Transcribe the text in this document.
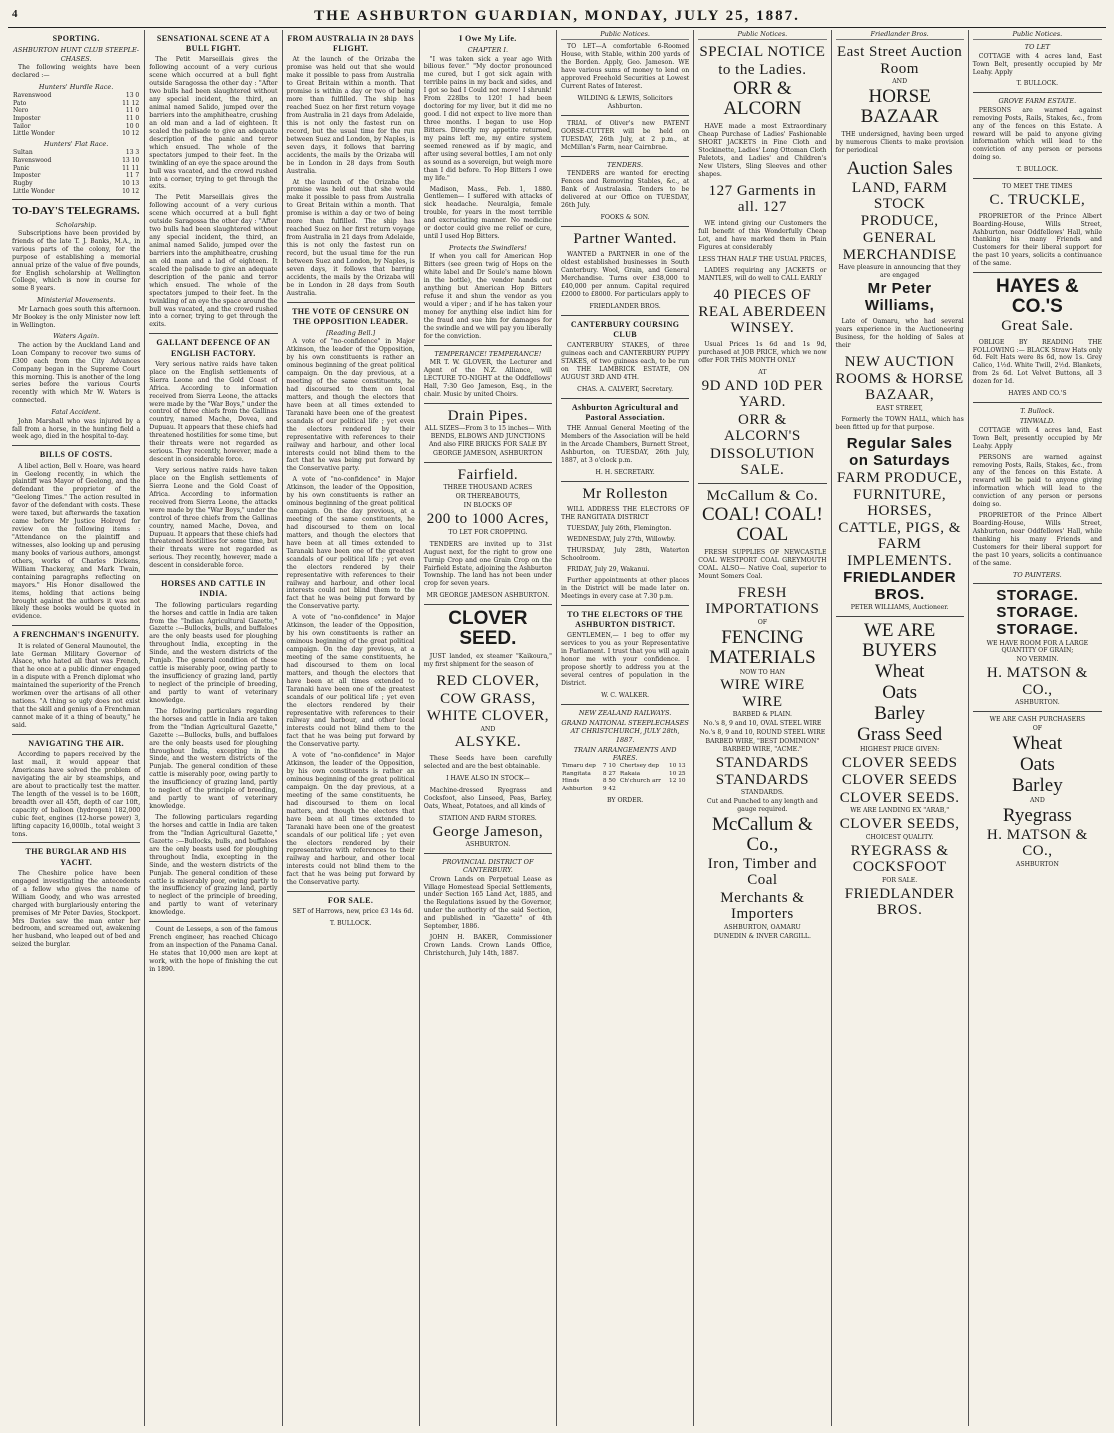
4	THE ASHBURTON GUARDIAN, MONDAY, JULY 25, 1887.
SPORTING.
ASHBURTON HUNT CLUB STEEPLE-CHASES.

The following weights have been declared :—

Hunters' Hurdle Race.
Ravenswood	13 0
Pato	11 12
Nero	11 0
Imposter	11 0
Tailor	10 0
Little Wonder	10 12
Hunters' Flat Race.
Sultan	13 3
Ravenswood	13 10
Panic	11 11
Imposter	11 7
Rugby	10 13
Little Wonder	10 12
TO-DAY'S TELEGRAMS.
Scholarship.

Subscriptions have been provided by friends of the late T. J. Banks, M.A., in various parts of the colony, for the purpose of establishing a memorial annual prize of the value of five pounds, for English scholarship at Wellington College, which is now in course for some 8 years.

Ministerial Movements.

Mr Larnach goes south this afternoon. Mr Bookey is the only Minister now left in Wellington.

Waters Again.

The action by the Auckland Land and Loan Company to recover two sums of £300 each from the City Advances Company began in the Supreme Court this morning. This is another of the long series before the various Courts recently with which Mr W. Waters is connected.

Fatal Accident.

John Marshall who was injured by a fall from a horse, in the hunting field a week ago, died in the hospital to-day.

BILLS OF COSTS.

A libel action, Bell v. Hoare, was heard in Geelong recently, in which the plaintiff was Mayor of Geelong, and the defendant the proprietor of the "Geelong Times." The action resulted in favor of the defendant with costs. These were taxed, but afterwards the taxation came before Mr Justice Holroyd for review on the following items : "Attendance on the plaintiff and witnesses, also looking up and perusing many books of various authors, amongst others, works of Charles Dickens, William Thackeray, and Mark Twain, containing paragraphs reflecting on mayors." His Honor disallowed the items, holding that actions being brought against the authors it was not likely these books would be quoted in evidence.

A FRENCHMAN'S INGENUITY.

It is related of General Maunoutel, the late German Military Governor of Alsace, who hated all that was French, that he once at a public dinner engaged in a dispute with a French diplomat who maintained the superiority of the French workmen over the artisans of all other nations. "A thing so ugly does not exist that the skill and genius of a Frenchman cannot make of it a thing of beauty," he said.

NAVIGATING THE AIR.

According to papers received by the last mail, it would appear that Americans have solved the problem of navigating the air by steamships, and are about to practically test the matter. The length of the vessel is to be 160ft, breadth over all 45ft, depth of car 10ft, capacity of balloon (hydrogen) 182,000 cubic feet, engines (12-horse power) 3, lifting capacity 16,000lb., total weight 3 tons.

THE BURGLAR AND HIS YACHT.

The Cheshire police have been engaged investigating the antecedents of a fellow who gives the name of William Goody, and who was arrested charged with burglariously entering the premises of Mr Peter Davies, Stockport. Mrs Davies saw the man enter her bedroom, and screamed out, awakening her husband, who leaped out of bed and seized the burglar.

SENSATIONAL SCENE AT A BULL FIGHT.

The Petit Marseillais gives the following account of a very curious scene which occurred at a bull fight outside Saragossa the other day : "After two bulls had been slaughtered without any special incident, the third, an animal named Salido, jumped over the barriers into the amphitheatre, crushing an old man and a lad of eighteen. It scaled the palisade to give an adequate description of the panic and terror which ensued. The whole of the spectators jumped to their feet. In the twinkling of an eye the space around the bull was vacated, and the crowd rushed into a corner, trying to get through the exits.

The Petit Marseillais gives the following account of a very curious scene which occurred at a bull fight outside Saragossa the other day : "After two bulls had been slaughtered without any special incident, the third, an animal named Salido, jumped over the barriers into the amphitheatre, crushing an old man and a lad of eighteen. It scaled the palisade to give an adequate description of the panic and terror which ensued. The whole of the spectators jumped to their feet. In the twinkling of an eye the space around the bull was vacated, and the crowd rushed into a corner, trying to get through the exits.

GALLANT DEFENCE OF AN ENGLISH FACTORY.

Very serious native raids have taken place on the English settlements of Sierra Leone and the Gold Coast of Africa. According to information received from Sierra Leone, the attacks were made by the "War Boys," under the control of three chiefs from the Gallinas country, named Mache, Dovea, and Dupuau. It appears that these chiefs had threatened hostilities for some time, but their threats were not regarded as serious. They recently, however, made a descent in considerable force.

Very serious native raids have taken place on the English settlements of Sierra Leone and the Gold Coast of Africa. According to information received from Sierra Leone, the attacks were made by the "War Boys," under the control of three chiefs from the Gallinas country, named Mache, Dovea, and Dupuau. It appears that these chiefs had threatened hostilities for some time, but their threats were not regarded as serious. They recently, however, made a descent in considerable force.

HORSES AND CATTLE IN INDIA.

The following particulars regarding the horses and cattle in India are taken from the "Indian Agricultural Gazette," Gazette :—Bullocks, bulls, and buffaloes are the only beasts used for ploughing throughout India, excepting in the Sinde, and the western districts of the Punjab. The general condition of these cattle is miserably poor, owing partly to the insufficiency of grazing land, partly to neglect of the principle of breeding, and partly to want of veterinary knowledge.

The following particulars regarding the horses and cattle in India are taken from the "Indian Agricultural Gazette," Gazette :—Bullocks, bulls, and buffaloes are the only beasts used for ploughing throughout India, excepting in the Sinde, and the western districts of the Punjab. The general condition of these cattle is miserably poor, owing partly to the insufficiency of grazing land, partly to neglect of the principle of breeding, and partly to want of veterinary knowledge.

The following particulars regarding the horses and cattle in India are taken from the "Indian Agricultural Gazette," Gazette :—Bullocks, bulls, and buffaloes are the only beasts used for ploughing throughout India, excepting in the Sinde, and the western districts of the Punjab. The general condition of these cattle is miserably poor, owing partly to the insufficiency of grazing land, partly to neglect of the principle of breeding, and partly to want of veterinary knowledge.

Count de Lesseps, a son of the famous French engineer, has reached Chicago from an inspection of the Panama Canal. He states that 10,000 men are kept at work, with the hope of finishing the cut in 1890.

FROM AUSTRALIA IN 28 DAYS FLIGHT.

At the launch of the Orizaba the promise was held out that she would make it possible to pass from Australia to Great Britain within a month. That promise is within a day or two of being more than fulfilled. The ship has reached Suez on her first return voyage from Australia in 21 days from Adelaide, this is not only the fastest run on record, but the usual time for the run between Suez and London, by Naples, is seven days, it follows that barring accidents, the mails by the Orizaba will be in London in 28 days from South Australia.

At the launch of the Orizaba the promise was held out that she would make it possible to pass from Australia to Great Britain within a month. That promise is within a day or two of being more than fulfilled. The ship has reached Suez on her first return voyage from Australia in 21 days from Adelaide, this is not only the fastest run on record, but the usual time for the run between Suez and London, by Naples, is seven days, it follows that barring accidents, the mails by the Orizaba will be in London in 28 days from South Australia.

THE VOTE OF CENSURE ON THE OPPOSITION LEADER.
[Reading Bell.]

A vote of "no-confidence" in Major Atkinson, the leader of the Opposition, by his own constituents is rather an ominous beginning of the great political campaign. On the day previous, at a meeting of the same constituents, he had discoursed to them on local matters, and though the electors that have been at all times extended to Taranaki have been one of the greatest scandals of our political life ; yet even the electors rendered by their representative with references to their railway and harbour, and other local interests could not blind them to the fact that he was being put forward by the Conservative party.

A vote of "no-confidence" in Major Atkinson, the leader of the Opposition, by his own constituents is rather an ominous beginning of the great political campaign. On the day previous, at a meeting of the same constituents, he had discoursed to them on local matters, and though the electors that have been at all times extended to Taranaki have been one of the greatest scandals of our political life ; yet even the electors rendered by their representative with references to their railway and harbour, and other local interests could not blind them to the fact that he was being put forward by the Conservative party.

A vote of "no-confidence" in Major Atkinson, the leader of the Opposition, by his own constituents is rather an ominous beginning of the great political campaign. On the day previous, at a meeting of the same constituents, he had discoursed to them on local matters, and though the electors that have been at all times extended to Taranaki have been one of the greatest scandals of our political life ; yet even the electors rendered by their representative with references to their railway and harbour, and other local interests could not blind them to the fact that he was being put forward by the Conservative party.

A vote of "no-confidence" in Major Atkinson, the leader of the Opposition, by his own constituents is rather an ominous beginning of the great political campaign. On the day previous, at a meeting of the same constituents, he had discoursed to them on local matters, and though the electors that have been at all times extended to Taranaki have been one of the greatest scandals of our political life ; yet even the electors rendered by their representative with references to their railway and harbour, and other local interests could not blind them to the fact that he was being put forward by the Conservative party.

FOR SALE.

SET of Harrows, new, price £3 14s 6d.

T. BULLOCK.
I Owe My Life.
CHAPTER I.

"I was taken sick a year ago With bilious fever." "My doctor pronounced me cured, but I got sick again with terrible pains in my back and sides, and I got so bad I Could not move! I shrunk! From 228lbs to 120! I had been doctoring for my liver, but it did me no good. I did not expect to live more than three months. I began to use Hop Bitters. Directly my appetite returned, my pains left me, my entire system seemed renewed as if by magic, and after using several bottles, I am not only as sound as a sovereign, but weigh more than I did before. To Hop Bitters I owe my life."

Madison, Mass., Feb. 1, 1880. Gentlemen— I suffered with attacks of sick headache. Neuralgia, female trouble, for years in the most terrible and excruciating manner. No medicine or doctor could give me relief or cure, until I used Hop Bitters.

Protects the Swindlers!

If when you call for American Hop Bitters (see green twig of Hops on the white label and Dr Soule's name blown in the bottle), the vendor hands out anything but American Hop Bitters refuse it and shun the vendor as you would a viper ; and if he has taken your money for anything else indict him for the fraud and sue him for damages for the swindle and we will pay you liberally for the conviction.

TEMPERANCE! TEMPERANCE!

MR T. W. GLOVER, the Lecturer and Agent of the N.Z. Alliance, will LECTURE TO-NIGHT at the Oddfellows' Hall, 7:30 Geo Jameson, Esq., in the chair. Music by united Choirs.

Drain Pipes.
ALL SIZES—From 3 to 15 inches— With BENDS, ELBOWS AND JUNCTIONS And also FIRE BRICKS FOR SALE BY
GEORGE JAMESON, ASHBURTON
Fairfield.
THREE THOUSAND ACRES
OR THEREABOUTS,
IN BLOCKS OF
200 to 1000 Acres,
TO LET FOR CROPPING.

TENDERS are invited up to 31st August next, for the right to grow one Turnip Crop and one Grain Crop on the Fairfield Estate, adjoining the Ashburton Township. The land has not been under crop for seven years.

MR GEORGE JAMESON ASHBURTON.
CLOVER SEED.

JUST landed, ex steamer "Kaikoura," my first shipment for the season of

RED CLOVER,
COW GRASS,
WHITE CLOVER,
AND
ALSYKE.

These Seeds have been carefully selected and are the best obtainable.

I HAVE ALSO IN STOCK—

Machine-dressed Ryegrass and Cocksfoot, also Linseed, Peas, Barley, Oats, Wheat, Potatoes, and all kinds of

STATION AND FARM STORES.
George Jameson,
ASHBURTON.
PROVINCIAL DISTRICT OF CANTERBURY.

Crown Lands on Perpetual Lease as Village Homestead Special Settlements, under Section 165 Land Act, 1885, and the Regulations issued by the Governor, under the authority of the said Section, and published in "Gazette" of 4th September, 1886.

JOHN H. BAKER, Commissioner Crown Lands. Crown Lands Office, Christchurch, July 14th, 1887.

Public Notices.

TO LET—A comfortable 6-Roomed House, with Stable, within 200 yards of the Borden. Apply, Geo. Jameson. WE have various sums of money to lend on approved Freehold Securities at Lowest Current Rates of Interest.

WILDING & LEWIS, Solicitors Ashburton.

TRIAL of Oliver's new PATENT GORSE-CUTTER will be held on TUESDAY, 26th July, at 2 p.m., at McMillan's Farm, near Cairnbrae.

TENDERS.

TENDERS are wanted for erecting Fences and Removing Stables, &c., at Bank of Australasia. Tenders to be delivered at our Office on TUESDAY, 26th July.

FOOKS & SON.
Partner Wanted.

WANTED a PARTNER in one of the oldest established businesses in South Canterbury. Wool, Grain, and General Merchandise. Turns over £38,000 to £40,000 per annum. Capital required £2000 to £8000. For particulars apply to

FRIEDLANDER BROS.
CANTERBURY COURSING CLUB

CANTERBURY STAKES, of three guineas each and CANTERBURY PUPPY STAKES, of two guineas each, to be run on THE LAMBRICK ESTATE, ON AUGUST 3RD AND 4TH.

CHAS. A. CALVERT, Secretary.
Ashburton Agricultural and Pastoral Association.

THE Annual General Meeting of the Members of the Association will be held in the Arcade Chambers, Burnett Street, Ashburton, on TUESDAY, 26th July, 1887, at 3 o'clock p.m.

H. H. SECRETARY.
Mr Rolleston

WILL ADDRESS THE ELECTORS OF THE RANGITATA DISTRICT

TUESDAY, July 26th, Flemington.

WEDNESDAY, July 27th, Willowby.

THURSDAY, July 28th, Waterton Schoolroom.

FRIDAY, July 29, Wakanui.

Further appointments at other places in the District will be made later on. Meetings in every case at 7.30 p.m.

TO THE ELECTORS OF THE ASHBURTON DISTRICT.

GENTLEMEN,— I beg to offer my services to you as your Representative in Parliament. I trust that you will again honor me with your confidence. I propose shortly to address you at the several centres of population in the District.

W. C. WALKER.
NEW ZEALAND RAILWAYS.
GRAND NATIONAL STEEPLECHASES AT CHRISTCHURCH, JULY 28th, 1887.
TRAIN ARRANGEMENTS AND FARES.
Timaru dep	7 10	Chertsey dep	10 13
Rangitata	8 27	Rakaia	10 25
Hinds	8 50	Ch'church arr	12 10
Ashburton	9 42		
BY ORDER.
Public Notices.
SPECIAL NOTICE
to the Ladies.
ORR & ALCORN

HAVE made a most Extraordinary Cheap Purchase of Ladies' Fashionable SHORT JACKETS in Fine Cloth and Stockinette, Ladies' Long Ottoman Cloth Paletots, and Ladies' and Children's New Ulsters, Sling Sleeves and other shapes.

127 Garments in all. 127

WE intend giving our Customers the full benefit of this Wonderfully Cheap Lot, and have marked them in Plain Figures at considerably

LESS THAN HALF THE USUAL PRICES,

LADIES requiring any JACKETS or MANTLES, will do well to CALL EARLY

40 PIECES OF REAL ABERDEEN WINSEY.

Usual Prices 1s 6d and 1s 9d, purchased at JOB PRICE, which we now offer FOR THIS MONTH ONLY

AT
9D AND 10D PER YARD.
ORR & ALCORN'S
DISSOLUTION SALE.
McCallum & Co.
COAL! COAL! COAL

FRESH SUPPLIES OF NEWCASTLE COAL WESTPORT COAL GREYMOUTH COAL. ALSO— Native Coal, superior to Mount Somers Coal.

FRESH IMPORTATIONS
OF
FENCING MATERIALS
NOW TO HAN
WIRE WIRE WIRE
BARBED & PLAIN.
No.'s 8, 9 and 10, OVAL STEEL WIRE
No.'s 8, 9 and 10, ROUND STEEL WIRE
BARBED WIRE, "BEST DOMINION" BARBED WIRE, "ACME."
STANDARDS STANDARDS
STANDARDS.
Cut and Punched to any length and gauge required.
McCallum & Co.,
Iron, Timber and Coal
Merchants & Importers
ASHBURTON, OAMARU
DUNEDIN & INVER CARGILL.
Friedlander Bros.
East Street Auction Room
AND
HORSE BAZAAR

THE undersigned, having been urged by numerous Clients to make provision for periodical

Auction Sales
LAND, FARM STOCK PRODUCE,
GENERAL MERCHANDISE
Have pleasure in announcing that they are engaged
Mr Peter Williams,

Late of Oamaru, who had several years experience in the Auctioneering Business, for the holding of Sales at their

NEW AUCTION ROOMS & HORSE BAZAAR,
EAST STREET,

Formerly the TOWN HALL, which has been fitted up for that purpose.

Regular Sales on Saturdays
FARM PRODUCE, FURNITURE, HORSES, CATTLE, PIGS, & FARM IMPLEMENTS.
FRIEDLANDER BROS.
PETER WILLIAMS, Auctioneer.
WE ARE BUYERS
Wheat
Oats
Barley
Grass Seed
HIGHEST PRICE GIVEN:
CLOVER SEEDS
CLOVER SEEDS
CLOVER SEEDS.
WE ARE LANDING EX "ARAB,"
CLOVER SEEDS,
CHOICEST QUALITY.
RYEGRASS & COCKSFOOT
FOR SALE.
FRIEDLANDER BROS.
Public Notices.
TO LET

COTTAGE with 4 acres land, East Town Belt, presently occupied by Mr Leahy. Apply

T. BULLOCK.
GROVE FARM ESTATE.

PERSONS are warned against removing Posts, Rails, Stakes, &c., from any of the fences on this Estate. A reward will be paid to anyone giving information which will lead to the conviction of any person or persons doing so.

T. BULLOCK.
TO MEET THE TIMES
C. TRUCKLE,

PROPRIETOR of the Prince Albert Boarding-House, Wills Street, Ashburton, near Oddfellows' Hall, while thanking his many Friends and Customers for their liberal support for the past 10 years, solicits a continuance of the same.

HAYES & CO.'S
Great Sale.

OBLIGE BY READING THE FOLLOWING :— BLACK Straw Hats only 6d. Felt Hats were 8s 6d, now 1s. Grey Calico, 1½d. White Twill, 2½d. Blankets, from 2s 6d. Lot Velvet Buttons, all 3 dozen for 1d.

HAYES AND CO.'S
T. Bullock.
TINWALD.

COTTAGE with 4 acres land, East Town Belt, presently occupied by Mr Leahy. Apply

PERSONS are warned against removing Posts, Rails, Stakes, &c., from any of the fences on this Estate. A reward will be paid to anyone giving information which will lead to the conviction of any person or persons doing so.

PROPRIETOR of the Prince Albert Boarding-House, Wills Street, Ashburton, near Oddfellows' Hall, while thanking his many Friends and Customers for their liberal support for the past 10 years, solicits a continuance of the same.

TO PAINTERS.
STORAGE. STORAGE.
STORAGE.
WE HAVE ROOM FOR A LARGE QUANTITY OF GRAIN;
NO VERMIN.
H. MATSON & CO.,
ASHBURTON.
WE ARE CASH PURCHASERS
OF
Wheat
Oats
Barley
AND
Ryegrass
H. MATSON & CO.,
ASHBURTON
